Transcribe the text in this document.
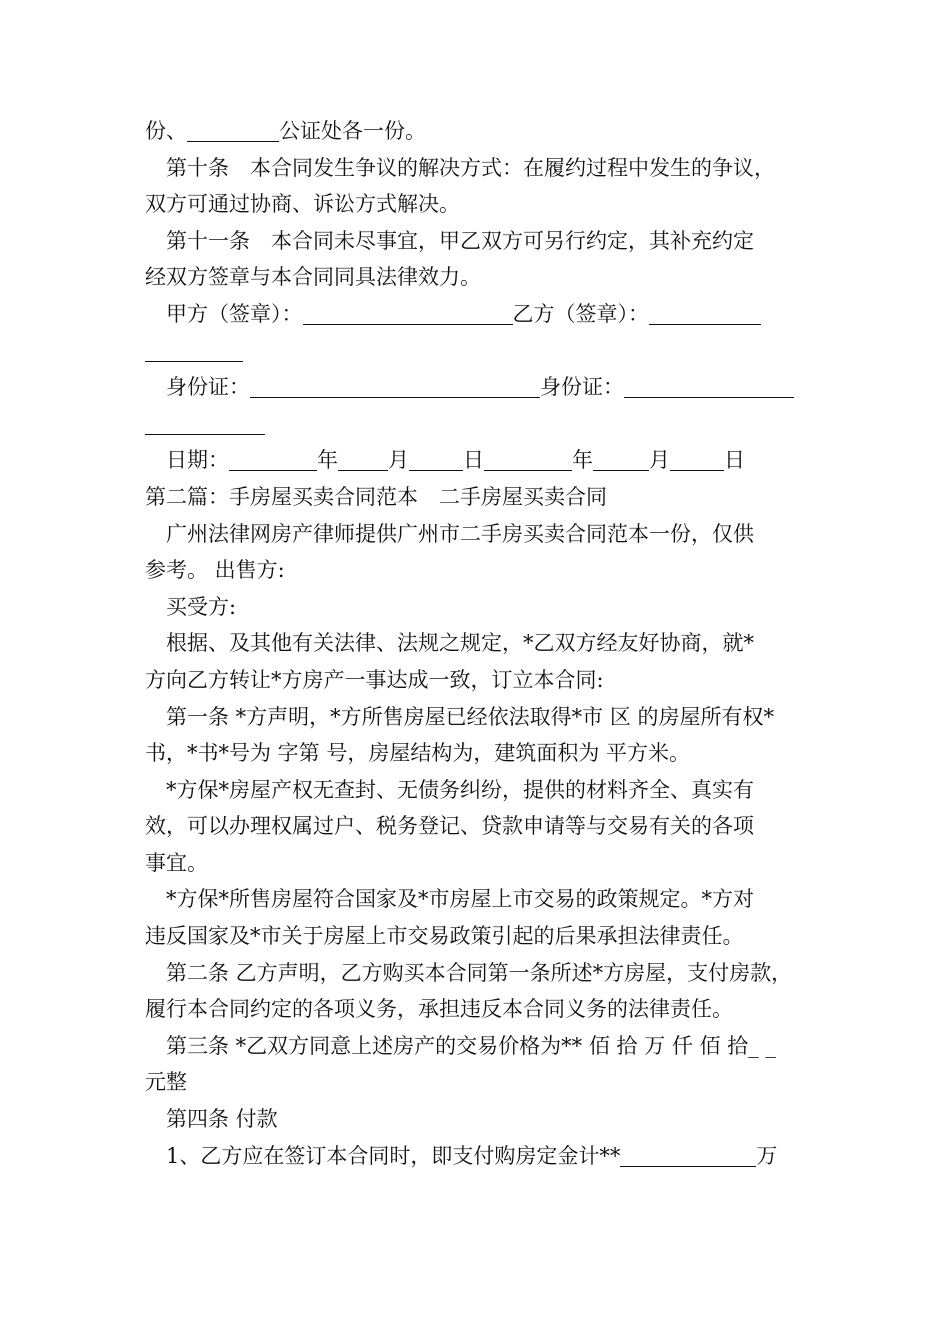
份、	公证处各一份。
第十条　本合同发生争议的解决方式：在履约过程中发生的争议，
双方可通过协商、诉讼方式解决。
第十一条　本合同未尽事宜，甲乙双方可另行约定，其补充约定
经双方签章与本合同同具法律效力。
甲方（签章）：	乙方（签章）：
身份证：	身份证：
日期：	年 月	日	年	月	日
第二篇：手房屋买卖合同范本　二手房屋买卖合同
广州法律网房产律师提供广州市二手房买卖合同范本一份，仅供
参考。 出售方:
买受方:
根据、及其他有关法律、法规之规定，*乙双方经友好协商，就*
方向乙方转让*方房产一事达成一致，订立本合同:
第一条 *方声明，*方所售房屋已经依法取得*市 区 的房屋所有权*
书，*书*号为 字第 号，房屋结构为，建筑面积为 平方米。
*方保*房屋产权无查封、无债务纠纷，提供的材料齐全、真实有
效，可以办理权属过户、税务登记、贷款申请等与交易有关的各项
事宜。
*方保*所售房屋符合国家及*市房屋上市交易的政策规定。*方对
违反国家及*市关于房屋上市交易政策引起的后果承担法律责任。
第二条 乙方声明，乙方购买本合同第一条所述*方房屋，支付房款，
履行本合同约定的各项义务，承担违反本合同义务的法律责任。
第三条 *乙双方同意上述房产的交易价格为** 佰 拾 万 仟 佰 拾_ _
元整
第四条 付款
1、乙方应在签订本合同时，即支付购房定金计**	万
